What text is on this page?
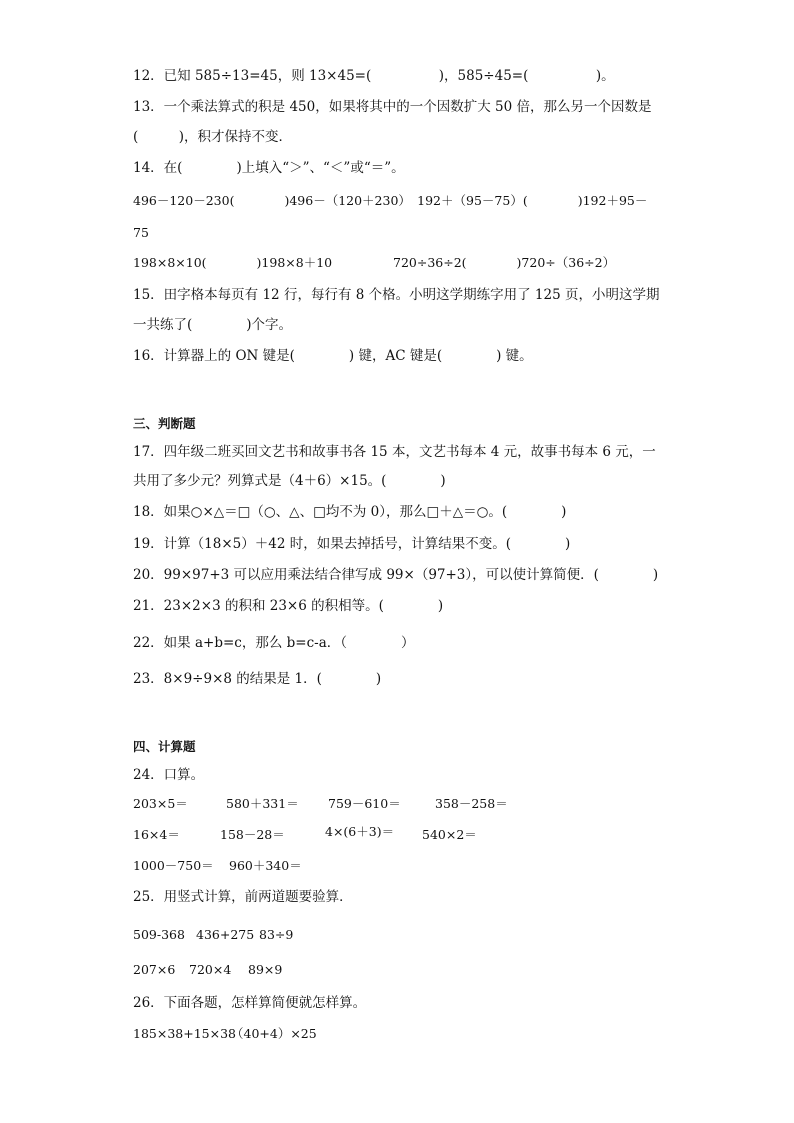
12．已知 585÷13=45，则 13×45=(　　　　　)，585÷45=(　　　　　)。
13．一个乘法算式的积是 450，如果将其中的一个因数扩大 50 倍，那么另一个因数是
(　　　)，积才保持不变．
14．在(　　　　)上填入“＞”、“＜”或“＝”。
496－120－230(　　　　)496－（120＋230）　192＋（95－75）(　　　　)192＋95－
75
198×8×10(　　　　)198×8＋10	720÷36÷2(　　　　)720÷（36÷2）
15．田字格本每页有 12 行，每行有 8 个格。小明这学期练字用了 125 页，小明这学期
一共练了(　　　　)个字。
16．计算器上的 ON 键是(　　　　) 键，AC 键是(　　　　) 键。
三、判断题
17．四年级二班买回文艺书和故事书各 15 本，文艺书每本 4 元，故事书每本 6 元，一
共用了多少元？列算式是（4＋6）×15。(　　　　)
18．如果○×△＝□（○、△、□均不为 0），那么□＋△＝○。(　　　　)
19．计算（18×5）＋42 时，如果去掉括号，计算结果不变。(　　　　)
20．99×97+3 可以应用乘法结合律写成 99×（97+3），可以使计算简便．(　　　　)
21．23×2×3 的积和 23×6 的积相等。(　　　　)
22．如果 a+b=c，那么 b=c-a．（　　　　）
23．8×9÷9×8 的结果是 1．(　　　　)
四、计算题
24．口算。
203×5＝	580＋331＝ 759－610＝	358－258＝
16×4＝	158－28＝	4×(6＋3)＝ 540×2＝
1000－750＝ 960＋340＝
25．用竖式计算，前两道题要验算．
509-368 436+275 83÷9
207×6 720×4 89×9
26．下面各题，怎样算简便就怎样算。
185×38+15×38
（40+4）×25
